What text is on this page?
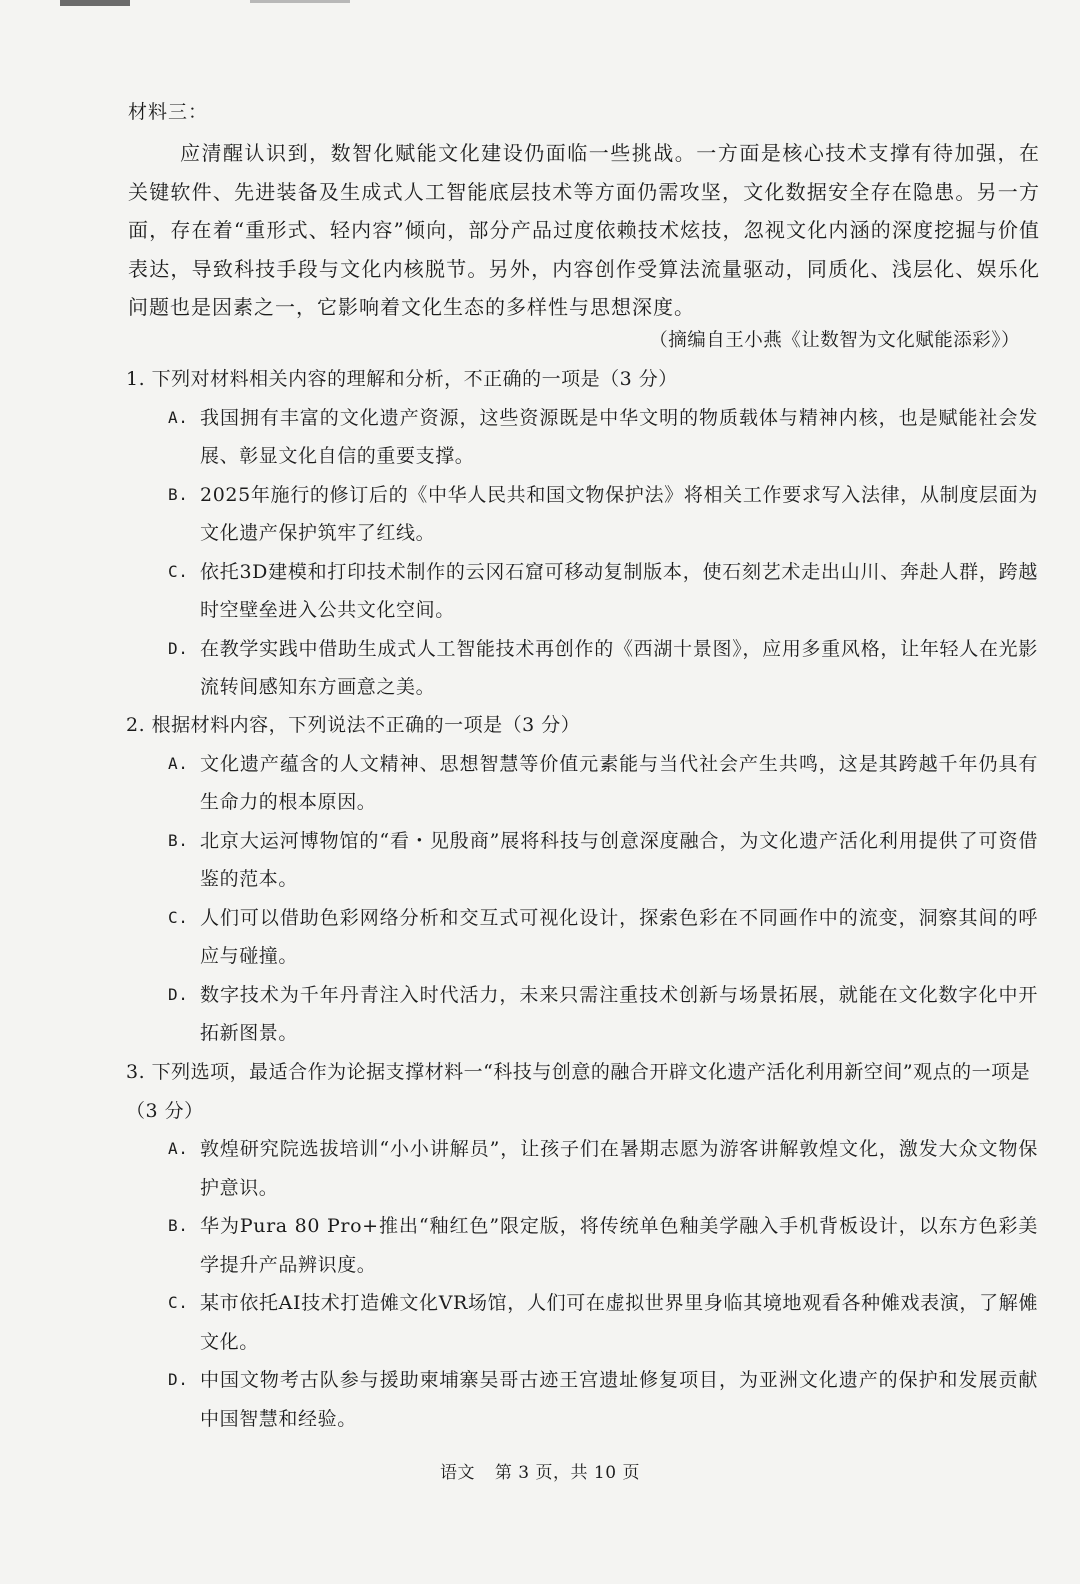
材料三：

应清醒认识到，数智化赋能文化建设仍面临一些挑战。一方面是核心技术支撑有待加强，在关键软件、先进装备及生成式人工智能底层技术等方面仍需攻坚，文化数据安全存在隐患。另一方面，存在着“重形式、轻内容”倾向，部分产品过度依赖技术炫技，忽视文化内涵的深度挖掘与价值表达，导致科技手段与文化内核脱节。另外，内容创作受算法流量驱动，同质化、浅层化、娱乐化问题也是因素之一，它影响着文化生态的多样性与思想深度。

（摘编自王小燕《让数智为文化赋能添彩》）

1. 下列对材料相关内容的理解和分析，不正确的一项是（3 分）

A. 我国拥有丰富的文化遗产资源，这些资源既是中华文明的物质载体与精神内核，也是赋能社会发展、彰显文化自信的重要支撑。
B. 2025年施行的修订后的《中华人民共和国文物保护法》将相关工作要求写入法律，从制度层面为文化遗产保护筑牢了红线。
C. 依托3D建模和打印技术制作的云冈石窟可移动复制版本，使石刻艺术走出山川、奔赴人群，跨越时空壁垒进入公共文化空间。
D. 在教学实践中借助生成式人工智能技术再创作的《西湖十景图》，应用多重风格，让年轻人在光影流转间感知东方画意之美。

2. 根据材料内容，下列说法不正确的一项是（3 分）

A. 文化遗产蕴含的人文精神、思想智慧等价值元素能与当代社会产生共鸣，这是其跨越千年仍具有生命力的根本原因。
B. 北京大运河博物馆的“看・见殷商”展将科技与创意深度融合，为文化遗产活化利用提供了可资借鉴的范本。
C. 人们可以借助色彩网络分析和交互式可视化设计，探索色彩在不同画作中的流变，洞察其间的呼应与碰撞。
D. 数字技术为千年丹青注入时代活力，未来只需注重技术创新与场景拓展，就能在文化数字化中开拓新图景。

3. 下列选项，最适合作为论据支撑材料一“科技与创意的融合开辟文化遗产活化利用新空间”观点的一项是（3 分）

A. 敦煌研究院选拔培训“小小讲解员”，让孩子们在暑期志愿为游客讲解敦煌文化，激发大众文物保护意识。
B. 华为Pura 80 Pro+推出“釉红色”限定版，将传统单色釉美学融入手机背板设计，以东方色彩美学提升产品辨识度。
C. 某市依托AI技术打造傩文化VR场馆，人们可在虚拟世界里身临其境地观看各种傩戏表演，了解傩文化。
D. 中国文物考古队参与援助柬埔寨吴哥古迹王宫遗址修复项目，为亚洲文化遗产的保护和发展贡献中国智慧和经验。
语文 第 3 页，共 10 页
